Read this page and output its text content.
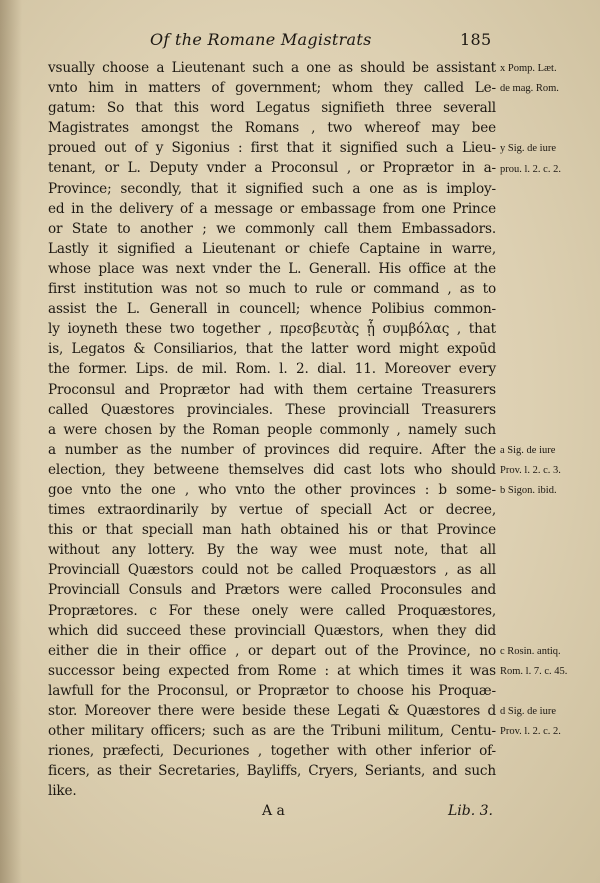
Of the Romane Magistrats	185
vsually choose a Lieutenant such a one as should be assistant
vnto him in matters of government; whom they called Le-
gatum: So that this word Legatus signifieth three severall
Magistrates amongst the Romans , two whereof may bee
proued out of y Sigonius : first that it signified such a Lieu-
tenant, or L. Deputy vnder a Proconsul , or Proprætor in a-
Province; secondly, that it signified such a one as is imploy-
ed in the delivery of a message or embassage from one Prince
or State to another ; we commonly call them Embassadors.
Lastly it signified a Lieutenant or chiefe Captaine in warre,
whose place was next vnder the L. Generall. His office at the
first institution was not so much to rule or command , as to
assist the L. Generall in councell; whence Polibius common-
ly ioyneth these two together , πρεσβευτὰς ᾗ συμβόλας , that
is, Legatos & Consiliarios, that the latter word might expoūd
the former. Lips. de mil. Rom. l. 2. dial. 11. Moreover every
Proconsul and Proprætor had with them certaine Treasurers
called Quæstores provinciales. These provinciall Treasurers
a were chosen by the Roman people commonly , namely such
a number as the number of provinces did require. After the
election, they betweene themselves did cast lots who should
goe vnto the one , who vnto the other provinces : b some-
times extraordinarily by vertue of speciall Act or decree,
this or that speciall man hath obtained his or that Province
without any lottery. By the way wee must note, that all
Provinciall Quæstors could not be called Proquæstors , as all
Provinciall Consuls and Prætors were called Proconsules and
Proprætores. c For these onely were called Proquæstores,
which did succeed these provinciall Quæstors, when they did
either die in their office , or depart out of the Province, no
successor being expected from Rome : at which times it was
lawfull for the Proconsul, or Proprætor to choose his Proquæ-
stor. Moreover there were beside these Legati & Quæstores d
other military officers; such as are the Tribuni militum, Centu-
riones, præfecti, Decuriones , together with other inferior of-
ficers, as their Secretaries, Bayliffs, Cryers, Seriants, and such
like.
x Pomp. Læt.
de mag. Rom.
y Sig. de iure
prou. l. 2. c. 2.
a Sig. de iure
Prov. l. 2. c. 3.
b Sigon. ibid.
c Rosin. antiq.
Rom. l. 7. c. 45.
d Sig. de iure
Prov. l. 2. c. 2.
A a	Lib. 3.
